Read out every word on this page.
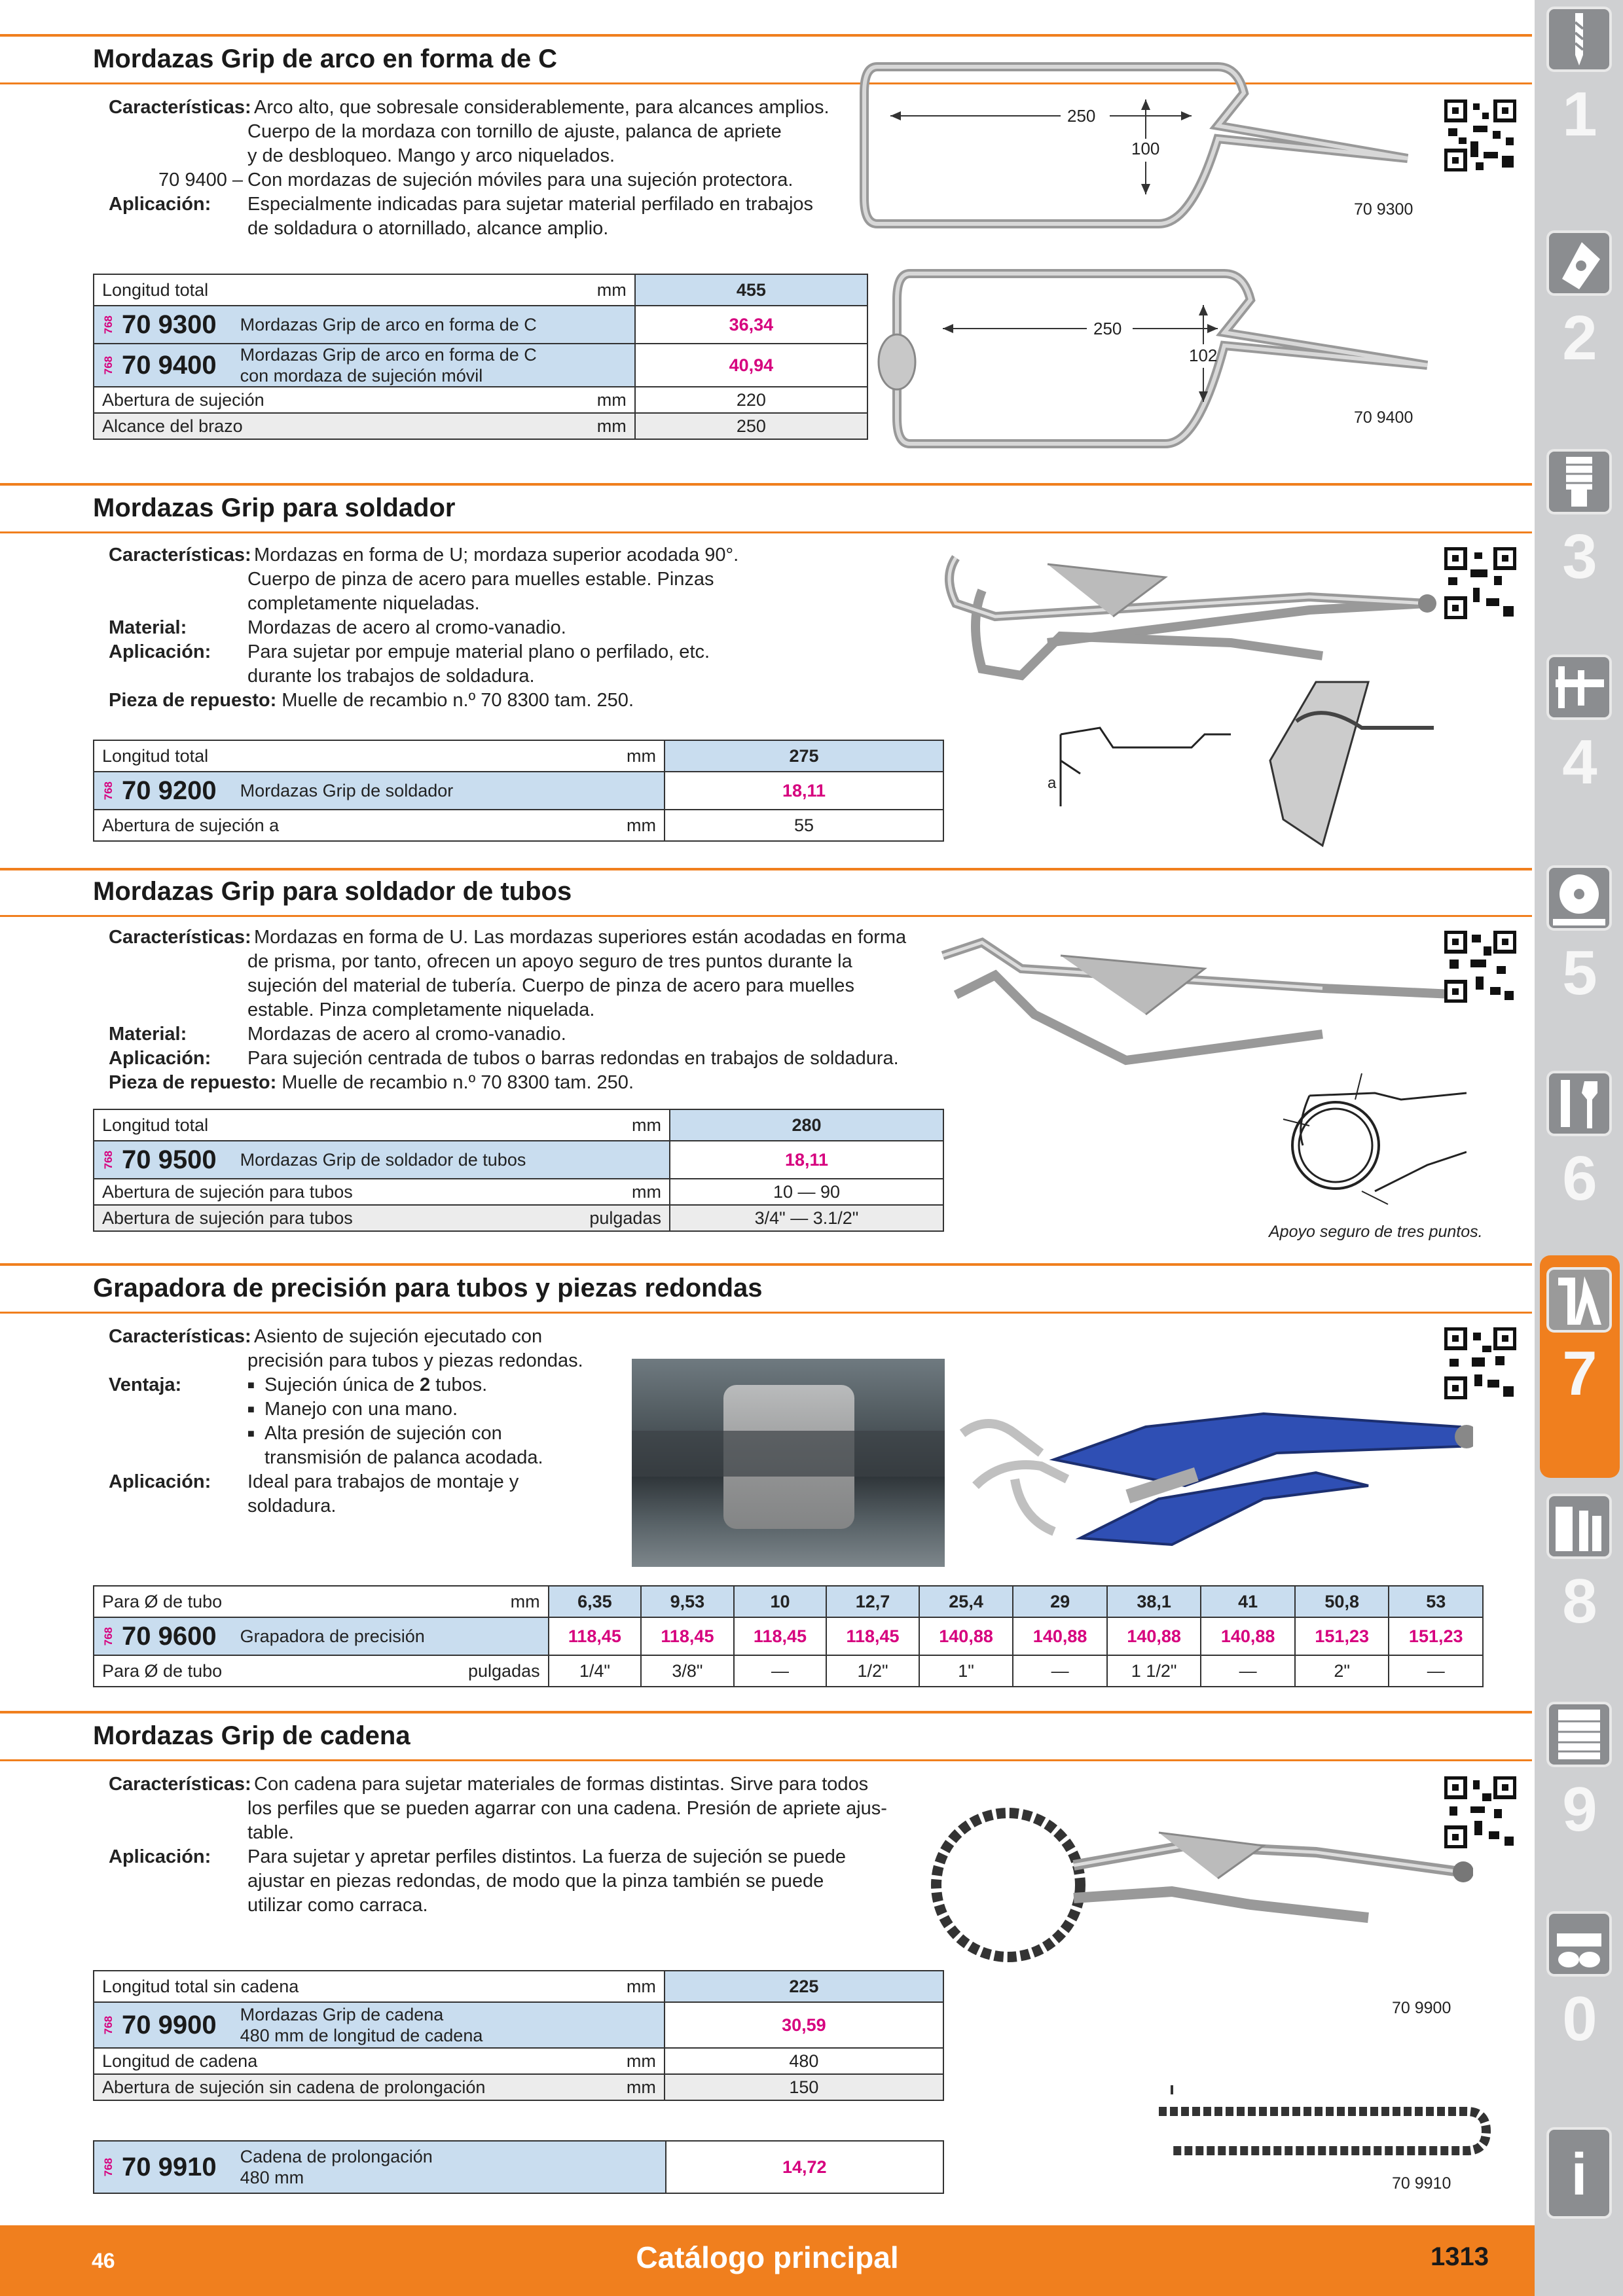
Mordazas Grip de arco en forma de C
Características: Arco alto, que sobresale considerablemente, para alcances amplios.
Cuerpo de la mordaza con tornillo de ajuste, palanca de apriete
y de desbloqueo. Mango y arco niquelados.
70 9400 – Con mordazas de sujeción móviles para una sujeción protectora.
Aplicación:	Especialmente indicadas para sujetar material perfilado en trabajos
de soldadura o atornillado, alcance amplio.
Longitud total	mm	455

768 70 9300 Mordazas Grip de arco en forma de C		36,34

768 70 9400 Mordazas Grip de arco en forma de C
con mordaza de sujeción móvil		40,94
Abertura de sujeción	mm	220
Alcance del brazo	mm	250
250
100
70 9300
250
102
70 9400
Mordazas Grip para soldador
Características: Mordazas en forma de U; mordaza superior acodada 90°.
Cuerpo de pinza de acero para muelles estable. Pinzas
completamente niqueladas.
Material:	Mordazas de acero al cromo-vanadio.
Aplicación:	Para sujetar por empuje material plano o perfilado, etc.
durante los trabajos de soldadura.
Pieza de repuesto: Muelle de recambio n.º 70 8300 tam. 250.
Longitud total	mm	275

768 70 9200 Mordazas Grip de soldador		18,11
Abertura de sujeción a	mm	55
a
Mordazas Grip para soldador de tubos
Características: Mordazas en forma de U. Las mordazas superiores están acodadas en forma
de prisma, por tanto, ofrecen un apoyo seguro de tres puntos durante la
sujeción del material de tubería. Cuerpo de pinza de acero para muelles
estable. Pinza completamente niquelada.
Material:	Mordazas de acero al cromo-vanadio.
Aplicación:	Para sujeción centrada de tubos o barras redondas en trabajos de soldadura.
Pieza de repuesto: Muelle de recambio n.º 70 8300 tam. 250.
Longitud total	mm	280

768 70 9500 Mordazas Grip de soldador de tubos		18,11
Abertura de sujeción para tubos	mm	10 — 90
Abertura de sujeción para tubos	pulgadas	3/4" — 3.1/2"
Apoyo seguro de tres puntos.
Grapadora de precisión para tubos y piezas redondas
Características: Asiento de sujeción ejecutado con
precisión para tubos y piezas redondas.
Ventaja:	■ Sujeción única de 2 tubos.
■ Manejo con una mano.
■ Alta presión de sujeción con
transmisión de palanca acodada.
Aplicación:	Ideal para trabajos de montaje y
soldadura.
Para Ø de tubo	mm	6,35	9,53	10	12,7	25,4	29	38,1	41	50,8	53

768 70 9600 Grapadora de precisión		118,45	118,45	118,45	118,45	140,88	140,88	140,88	140,88	151,23	151,23
Para Ø de tubo	pulgadas	1/4"	3/8"	—	1/2"	1"	—	1 1/2"	—	2"	—
Mordazas Grip de cadena
Características: Con cadena para sujetar materiales de formas distintas. Sirve para todos
los perfiles que se pueden agarrar con una cadena. Presión de apriete ajus-
table.
Aplicación:	Para sujetar y apretar perfiles distintos. La fuerza de sujeción se puede
ajustar en piezas redondas, de modo que la pinza también se puede
utilizar como carraca.
Longitud total sin cadena	mm	225

768 70 9900 Mordazas Grip de cadena
480 mm de longitud de cadena		30,59
Longitud de cadena	mm	480
Abertura de sujeción sin cadena de prolongación	mm	150
768 70 9910 Cadena de prolongación
480 mm
	14,72
70 9900
70 9910
1
2
3
4
5
6
7
8
9
0
i
46	Catálogo principal	1313
